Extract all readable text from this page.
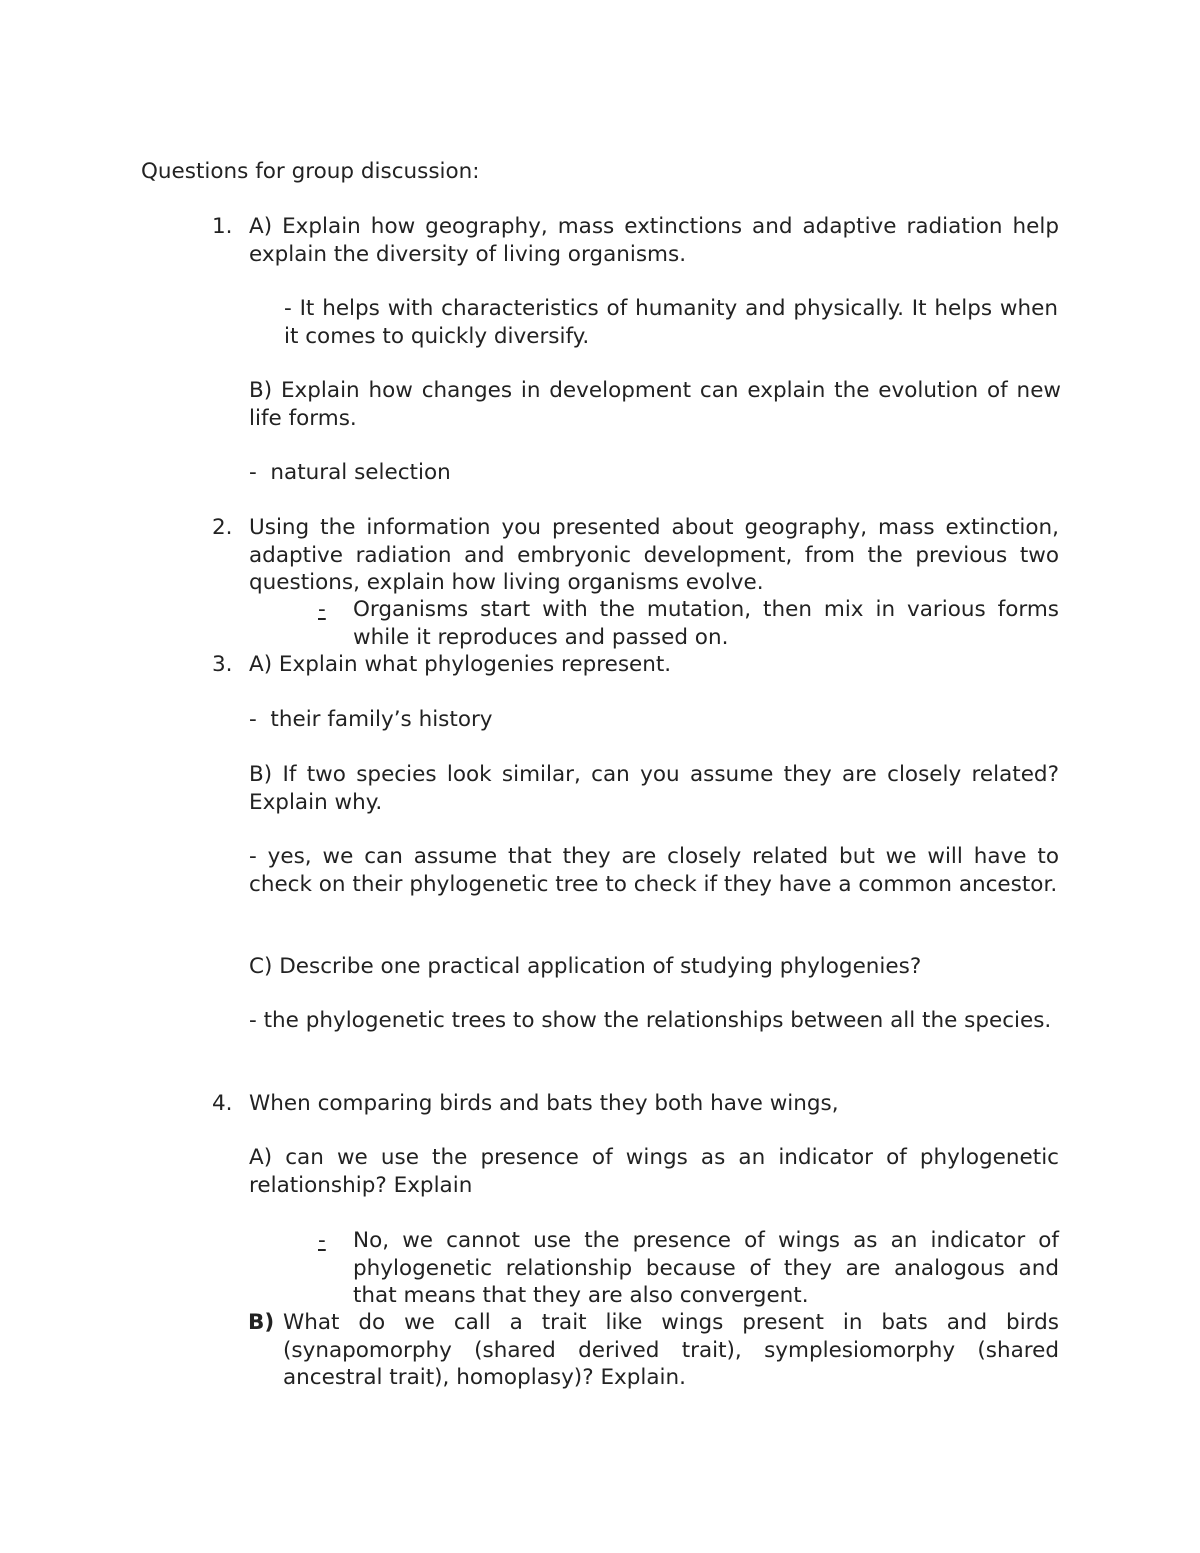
Questions for group discussion:
1. A) Explain how geography, mass extinctions and adaptive radiation help explain the diversity of living organisms.

- It helps with characteristics of humanity and physically. It helps when it comes to quickly diversify.

B) Explain how changes in development can explain the evolution of new life forms.

-  natural selection

2. Using the information you presented about geography, mass extinction, adaptive radiation and embryonic development, from the previous two questions, explain how living organisms evolve.

-	Organisms start with the mutation, then mix in various forms while it reproduces and passed on.
3. A) Explain what phylogenies represent.

-  their family’s history

B) If two species look similar, can you assume they are closely related? Explain why.

- yes, we can assume that they are closely related but we will have to check on their phylogenetic tree to check if they have a common ancestor.

C) Describe one practical application of studying phylogenies?

- the phylogenetic trees to show the relationships between all the species.

4. When comparing birds and bats they both have wings,

A) can we use the presence of wings as an indicator of phylogenetic relationship? Explain

-	No, we cannot use the presence of wings as an indicator of phylogenetic relationship because of they are analogous and that means that they are also convergent.
B) What do we call a trait like wings present in bats and birds (synapomorphy (shared derived trait), symplesiomorphy (shared ancestral trait), homoplasy)? Explain.
